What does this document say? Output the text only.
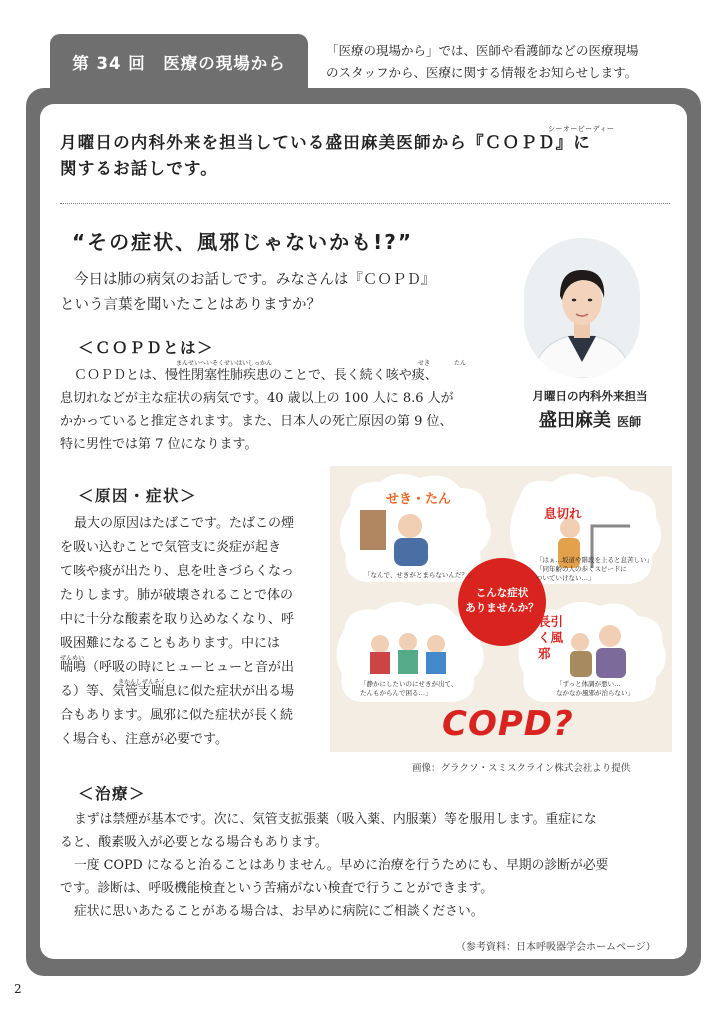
第 34 回　医療の現場から
「医療の現場から」では、医師や看護師などの医療現場
のスタッフから、医療に関する情報をお知らせします。
シーオービーディー
月曜日の内科外来を担当している盛田麻美医師から『ＣＯＰＤ』に
関するお話しです。
“その症状、風邪じゃないかも!?”
今日は肺の病気のお話しです。みなさんは『ＣＯＰＤ』
という言葉を聞いたことはありますか？
月曜日の内科外来担当
盛田麻美 医師
＜ＣＯＰＤとは＞
まんせいへいそくせいはいしっかん	せき	たん
ＣＯＰＤとは、慢性閉塞性肺疾患のことで、長く続く咳や痰、
息切れなどが主な症状の病気です。40 歳以上の 100 人に 8.6 人が
かかっていると推定されます。また、日本人の死亡原因の第 9 位、
特に男性では第 7 位になります。
＜原因・症状＞
最大の原因はたばこです。たばこの煙
を吸い込むことで気管支に炎症が起き
て咳や痰が出たり、息を吐きづらくなっ
たりします。肺が破壊されることで体の
中に十分な酸素を取り込めなくなり、呼
吸困難になることもあります。中には
ぜんめい
喘鳴（呼吸の時にヒューヒューと音が出
きかんしぜんそく
る）等、気管支喘息に似た症状が出る場
合もあります。風邪に似た症状が長く続
く場合も、注意が必要です。
せき・たん
息切れ
長引く風邪
こんな症状
ありませんか？
「なんで、せきがとまらないんだ？」
「はぁ…坂道や階段を上ると息苦しい」
「同年齢の人の歩くスピードに
ついていけない…」
「静かにしたいのにせきが出て、
たんもからんで困る…」
「ずっと体調が悪い…
なかなか風邪が治らない」
COPD?
画像：グラクソ・スミスクライン株式会社より提供
＜治療＞
まずは禁煙が基本です。次に、気管支拡張薬（吸入薬、内服薬）等を服用します。重症にな
ると、酸素吸入が必要となる場合もあります。
一度 COPD になると治ることはありません。早めに治療を行うためにも、早期の診断が必要
です。診断は、呼吸機能検査という苦痛がない検査で行うことができます。
症状に思いあたることがある場合は、お早めに病院にご相談ください。
（参考資料：日本呼吸器学会ホームページ）
2
